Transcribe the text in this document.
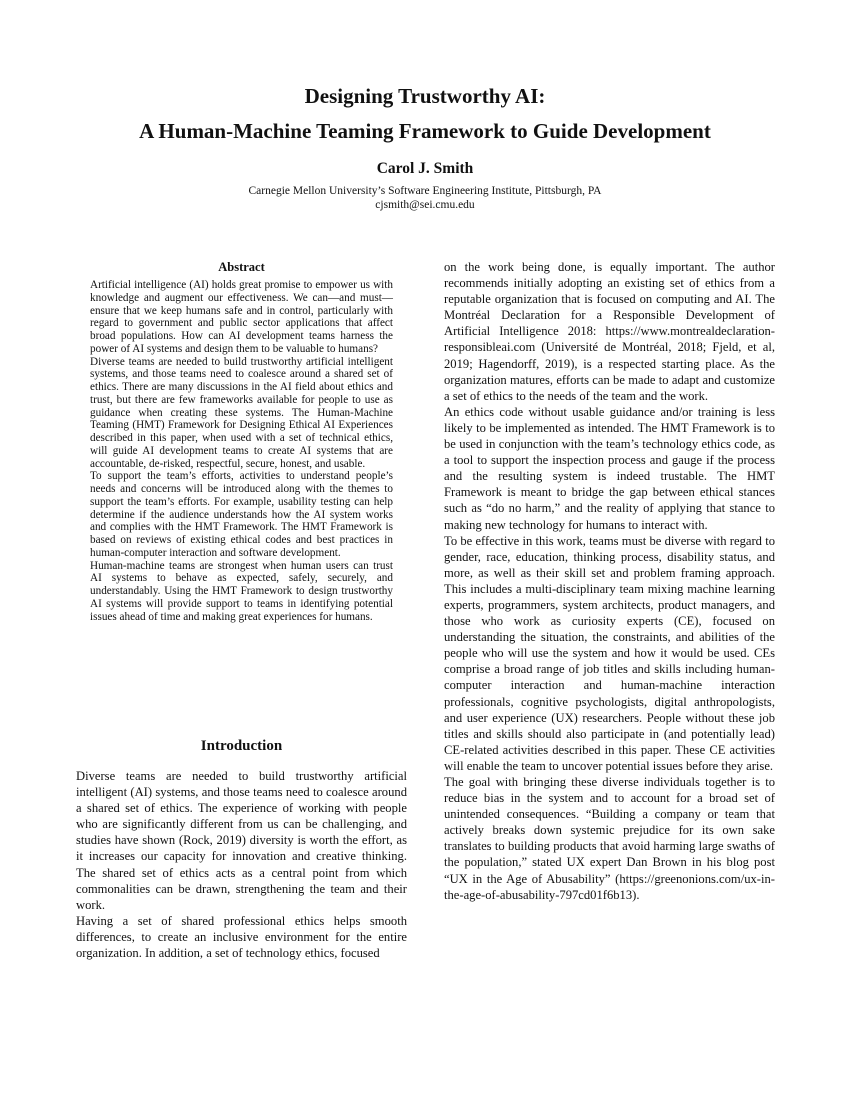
Designing Trustworthy AI:
A Human-Machine Teaming Framework to Guide Development
Carol J. Smith
Carnegie Mellon University’s Software Engineering Institute, Pittsburgh, PA
cjsmith@sei.cmu.edu
Abstract

Artificial intelligence (AI) holds great promise to empower us with knowledge and augment our effectiveness. We can—and must—ensure that we keep humans safe and in control, particularly with regard to government and public sector applications that affect broad populations. How can AI development teams harness the power of AI systems and design them to be valuable to humans?

Diverse teams are needed to build trustworthy artificial intelligent systems, and those teams need to coalesce around a shared set of ethics. There are many discussions in the AI field about ethics and trust, but there are few frameworks available for people to use as guidance when creating these systems. The Human-Machine Teaming (HMT) Framework for Designing Ethical AI Experiences described in this paper, when used with a set of technical ethics, will guide AI development teams to create AI systems that are accountable, de-risked, respectful, secure, honest, and usable.

To support the team’s efforts, activities to understand people’s needs and concerns will be introduced along with the themes to support the team’s efforts. For example, usability testing can help determine if the audience understands how the AI system works and complies with the HMT Framework. The HMT Framework is based on reviews of existing ethical codes and best practices in human-computer interaction and software development.

Human-machine teams are strongest when human users can trust AI systems to behave as expected, safely, securely, and understandably. Using the HMT Framework to design trustworthy AI systems will provide support to teams in identifying potential issues ahead of time and making great experiences for humans.

Introduction

Diverse teams are needed to build trustworthy artificial intelligent (AI) systems, and those teams need to coalesce around a shared set of ethics. The experience of working with people who are significantly different from us can be challenging, and studies have shown (Rock, 2019) diversity is worth the effort, as it increases our capacity for innovation and creative thinking. The shared set of ethics acts as a central point from which commonalities can be drawn, strengthening the team and their work.

Having a set of shared professional ethics helps smooth differences, to create an inclusive environment for the entire organization. In addition, a set of technology ethics, focused

on the work being done, is equally important. The author recommends initially adopting an existing set of ethics from a reputable organization that is focused on computing and AI. The Montréal Declaration for a Responsible Development of Artificial Intelligence 2018: https://www.montrealdeclaration-responsibleai.com (Université de Montréal, 2018; Fjeld, et al, 2019; Hagendorff, 2019), is a respected starting place. As the organization matures, efforts can be made to adapt and customize a set of ethics to the needs of the team and the work.

An ethics code without usable guidance and/or training is less likely to be implemented as intended. The HMT Framework is to be used in conjunction with the team’s technology ethics code, as a tool to support the inspection process and gauge if the process and the resulting system is indeed trustable. The HMT Framework is meant to bridge the gap between ethical stances such as “do no harm,” and the reality of applying that stance to making new technology for humans to interact with.

To be effective in this work, teams must be diverse with regard to gender, race, education, thinking process, disability status, and more, as well as their skill set and problem framing approach. This includes a multi-disciplinary team mixing machine learning experts, programmers, system architects, product managers, and those who work as curiosity experts (CE), focused on understanding the situation, the constraints, and abilities of the people who will use the system and how it would be used. CEs comprise a broad range of job titles and skills including human-computer interaction and human-machine interaction professionals, cognitive psychologists, digital anthropologists, and user experience (UX) researchers. People without these job titles and skills should also participate in (and potentially lead) CE-related activities described in this paper. These CE activities will enable the team to uncover potential issues before they arise.

The goal with bringing these diverse individuals together is to reduce bias in the system and to account for a broad set of unintended consequences. “Building a company or team that actively breaks down systemic prejudice for its own sake translates to building products that avoid harming large swaths of the population,” stated UX expert Dan Brown in his blog post “UX in the Age of Abusability” (https://greenonions.com/ux-in-the-age-of-abusability-797cd01f6b13).
